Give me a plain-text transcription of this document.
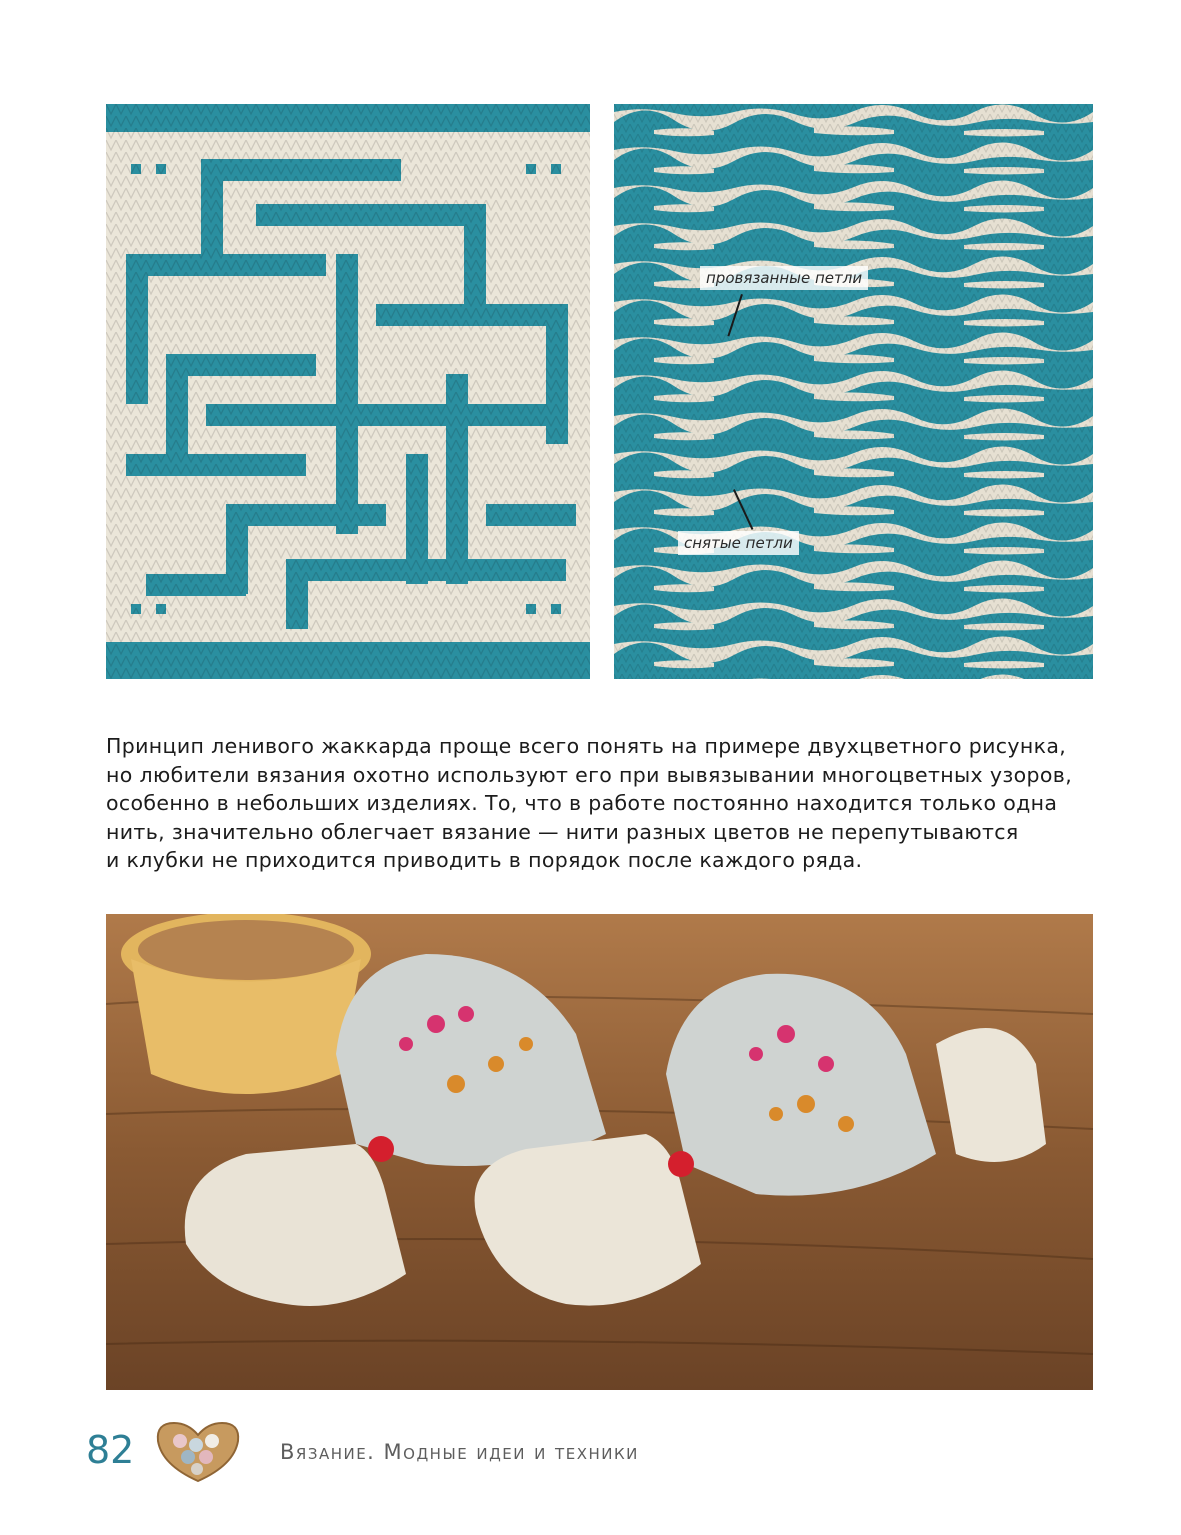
провязанные петли
снятые петли

Принцип ленивого жаккарда проще всего понять на примере двухцветного рисунка,
но любители вязания охотно используют его при вывязывании многоцветных узоров,
особенно в небольших изделиях. То, что в работе постоянно находится только одна
нить, значительно облегчает вязание — нити разных цветов не перепутываются
и клубки не приходится приводить в порядок после каждого ряда.

82	Вязание. Модные идеи и техники
